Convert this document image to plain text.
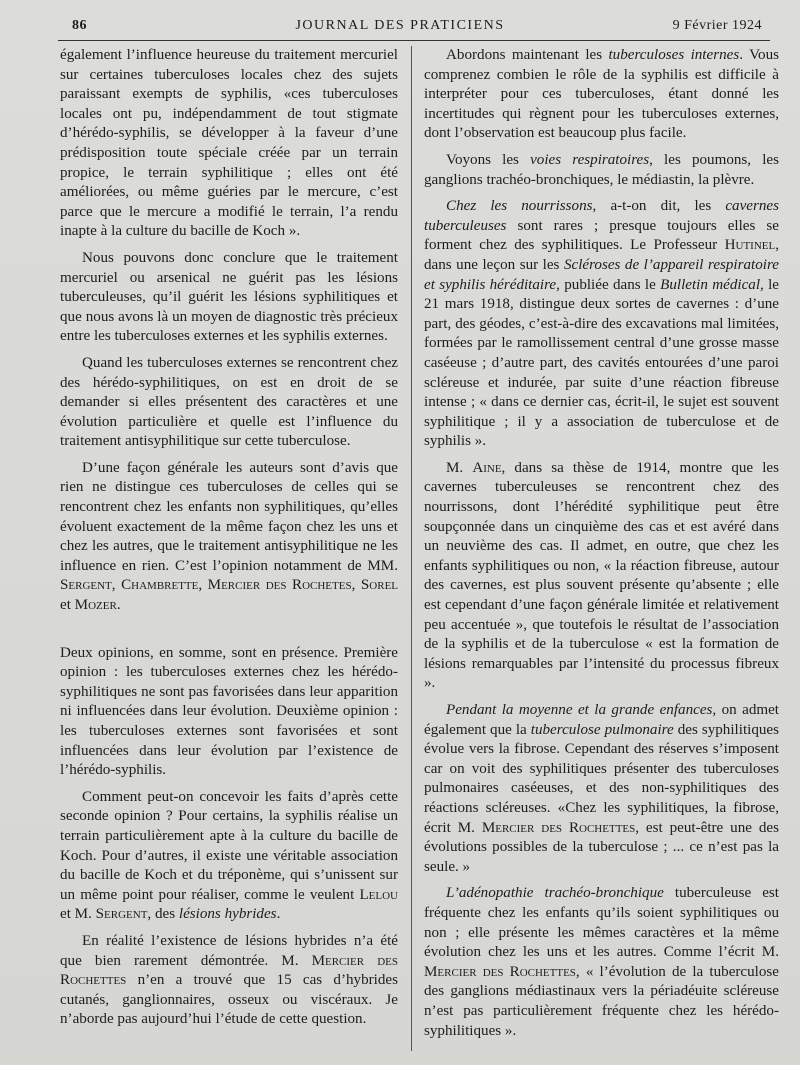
86	JOURNAL DES PRATICIENS	9 Février 1924

également l’influence heureuse du traitement mercuriel sur certaines tuberculoses locales chez des sujets paraissant exempts de syphilis, «ces tuberculoses locales ont pu, indépendamment de tout stigmate d’hérédo-syphilis, se développer à la faveur d’une prédisposition toute spéciale créée par un terrain propice, le terrain syphilitique ; elles ont été améliorées, ou même guéries par le mercure, c’est parce que le mercure a modifié le terrain, l’a rendu inapte à la culture du bacille de Koch ».

Nous pouvons donc conclure que le traitement mercuriel ou arsenical ne guérit pas les lésions tuberculeuses, qu’il guérit les lésions syphilitiques et que nous avons là un moyen de diagnostic très précieux entre les tuberculoses externes et les syphilis externes.

Quand les tuberculoses externes se rencontrent chez des hérédo-syphilitiques, on est en droit de se demander si elles présentent des caractères et une évolution particulière et quelle est l’influence du traitement antisyphilitique sur cette tuberculose.

D’une façon générale les auteurs sont d’avis que rien ne distingue ces tuberculoses de celles qui se rencontrent chez les enfants non syphilitiques, qu’elles évoluent exactement de la même façon chez les uns et chez les autres, que le traitement antisyphilitique ne les influence en rien. C’est l’opinion notamment de MM. Sergent, Chambrette, Mercier des Rochetes, Sorel et Mozer.

Deux opinions, en somme, sont en présence. Première opinion : les tuberculoses externes chez les hérédo-syphilitiques ne sont pas favorisées dans leur apparition ni influencées dans leur évolution. Deuxième opinion : les tuberculoses externes sont favorisées et sont influencées dans leur évolution par l’existence de l’hérédo-syphilis.

Comment peut-on concevoir les faits d’après cette seconde opinion ? Pour certains, la syphilis réalise un terrain particulièrement apte à la culture du bacille de Koch. Pour d’autres, il existe une véritable association du bacille de Koch et du tréponème, qui s’unissent sur un même point pour réaliser, comme le veulent Lelou et M. Sergent, des lésions hybrides.

En réalité l’existence de lésions hybrides n’a été que bien rarement démontrée. M. Mercier des Rochettes n’en a trouvé que 15 cas d’hybrides cutanés, ganglionnaires, osseux ou viscéraux. Je n’aborde pas aujourd’hui l’étude de cette question.

Abordons maintenant les tuberculoses internes. Vous comprenez combien le rôle de la syphilis est difficile à interpréter pour ces tuberculoses, étant donné les incertitudes qui règnent pour les tuberculoses externes, dont l’observation est beaucoup plus facile.

Voyons les voies respiratoires, les poumons, les ganglions trachéo-bronchiques, le médiastin, la plèvre.

Chez les nourrissons, a-t-on dit, les cavernes tuberculeuses sont rares ; presque toujours elles se forment chez des syphilitiques. Le Professeur Hutinel, dans une leçon sur les Scléroses de l’appareil respiratoire et syphilis héréditaire, publiée dans le Bulletin médical, le 21 mars 1918, distingue deux sortes de cavernes : d’une part, des géodes, c’est-à-dire des excavations mal limitées, formées par le ramollissement central d’une grosse masse caséeuse ; d’autre part, des cavités entourées d’une paroi scléreuse et indurée, par suite d’une réaction fibreuse intense ; « dans ce dernier cas, écrit-il, le sujet est souvent syphilitique ; il y a association de tuberculose et de syphilis ».

M. Aine, dans sa thèse de 1914, montre que les cavernes tuberculeuses se rencontrent chez des nourrissons, dont l’hérédité syphilitique peut être soupçonnée dans un cinquième des cas et est avéré dans un neuvième des cas. Il admet, en outre, que chez les enfants syphilitiques ou non, « la réaction fibreuse, autour des cavernes, est plus souvent présente qu’absente ; elle est cependant d’une façon générale limitée et relativement peu accentuée », que toutefois le résultat de l’association de la syphilis et de la tuberculose « est la formation de lésions remarquables par l’intensité du processus fibreux ».

Pendant la moyenne et la grande enfances, on admet également que la tuberculose pulmonaire des syphilitiques évolue vers la fibrose. Cependant des réserves s’imposent car on voit des syphilitiques présenter des tuberculoses pulmonaires caséeuses, et des non-syphilitiques des réactions scléreuses. «Chez les syphilitiques, la fibrose, écrit M. Mercier des Rochettes, est peut-être une des évolutions possibles de la tuberculose ; ... ce n’est pas la seule. »

L’adénopathie trachéo-bronchique tuberculeuse est fréquente chez les enfants qu’ils soient syphilitiques ou non ; elle présente les mêmes caractères et la même évolution chez les uns et les autres. Comme l’écrit M. Mercier des Rochettes, « l’évolution de la tuberculose des ganglions médiastinaux vers la périadéuite scléreuse n’est pas particulièrement fréquente chez les hérédo-syphilitiques ».
